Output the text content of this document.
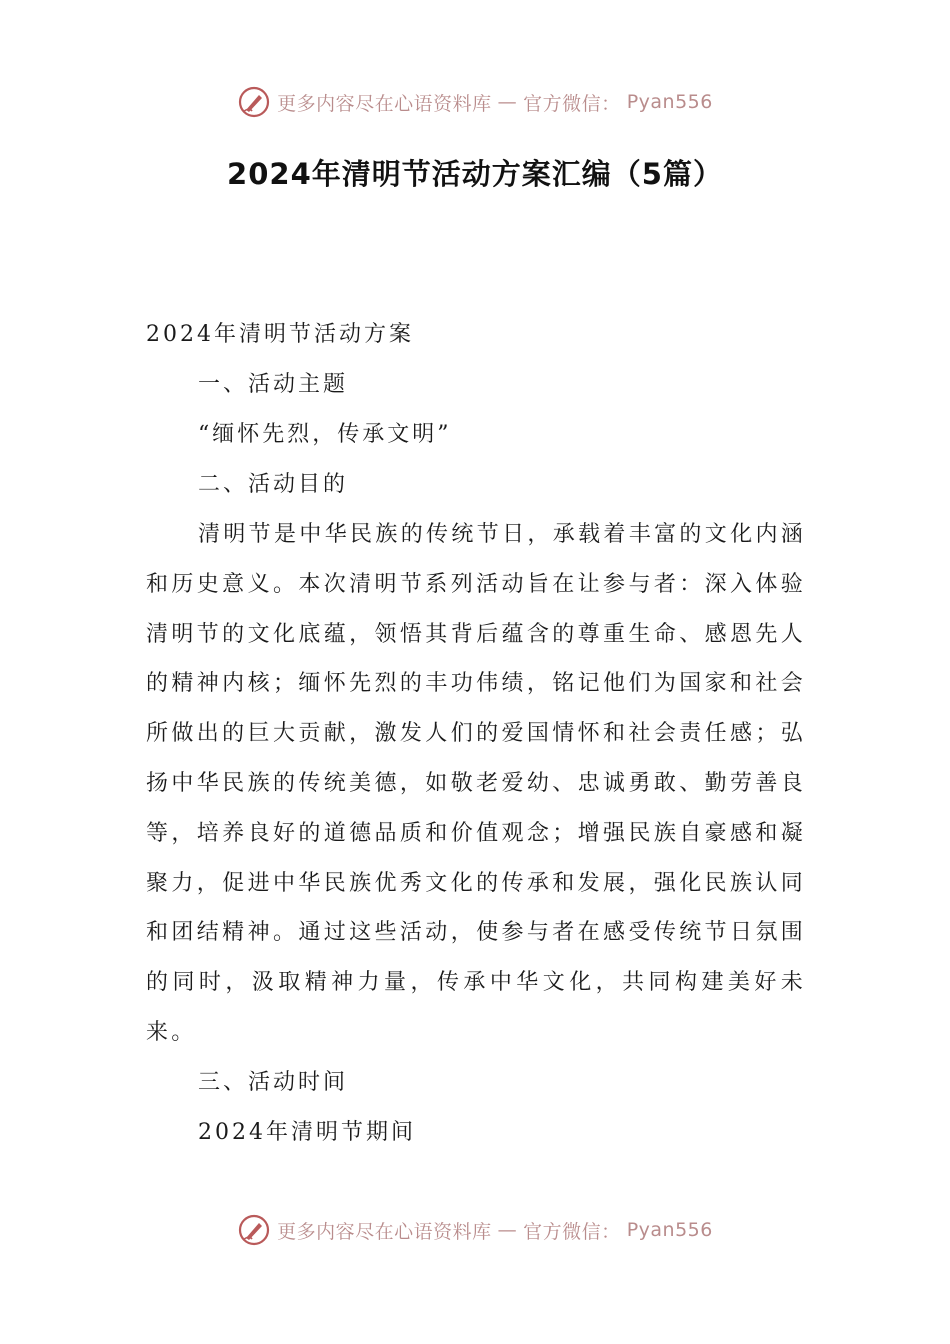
更多内容尽在心语资料库 — 官方微信： Pyan556
2024年清明节活动方案汇编（5篇）
2024年清明节活动方案
一、活动主题
“缅怀先烈，传承文明”
二、活动目的

清明节是中华民族的传统节日，承载着丰富的文化内涵和历史意义。本次清明节系列活动旨在让参与者：深入体验清明节的文化底蕴，领悟其背后蕴含的尊重生命、感恩先人的精神内核；缅怀先烈的丰功伟绩，铭记他们为国家和社会所做出的巨大贡献，激发人们的爱国情怀和社会责任感；弘扬中华民族的传统美德，如敬老爱幼、忠诚勇敢、勤劳善良等，培养良好的道德品质和价值观念；增强民族自豪感和凝聚力，促进中华民族优秀文化的传承和发展，强化民族认同和团结精神。通过这些活动，使参与者在感受传统节日氛围的同时，汲取精神力量，传承中华文化，共同构建美好未来。

三、活动时间
2024年清明节期间
更多内容尽在心语资料库 — 官方微信： Pyan556
